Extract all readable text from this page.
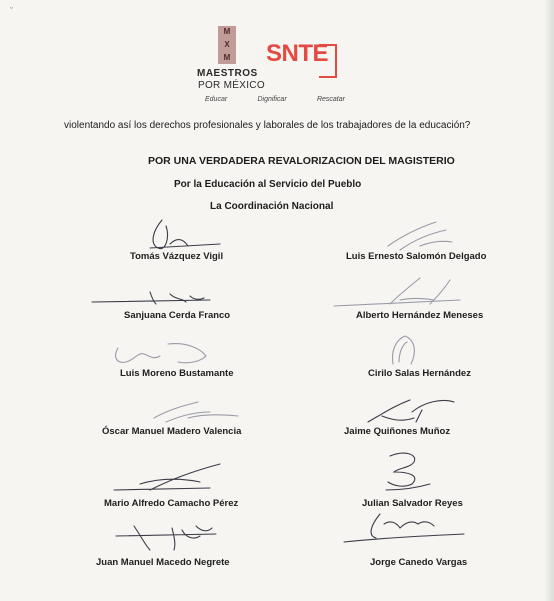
ˇ
M
X
M
MAESTROS
POR MÉXICO
Educar	Dignificar	Rescatar
SNTE
violentando así los derechos profesionales y laborales de los trabajadores de la educación?
POR UNA VERDADERA REVALORIZACION DEL MAGISTERIO
Por la Educación al Servicio del Pueblo
La Coordinación Nacional
Tomás Vázquez Vigil	Luis Ernesto Salomón Delgado
Sanjuana Cerda Franco	Alberto Hernández Meneses
Luis Moreno Bustamante	Cirilo Salas Hernández
Óscar Manuel Madero Valencia	Jaime Quiñones Muñoz
Mario Alfredo Camacho Pérez	Julian Salvador Reyes
Juan Manuel Macedo Negrete	Jorge Canedo Vargas
